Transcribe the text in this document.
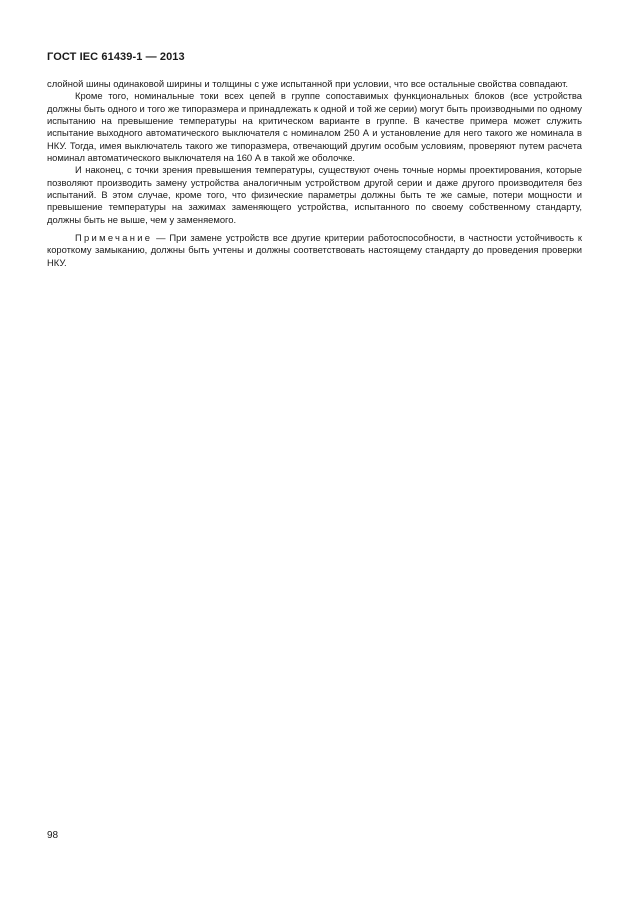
ГОСТ IEC 61439-1 — 2013

слойной шины одинаковой ширины и толщины с уже испытанной при условии, что все остальные свойства совпадают.

Кроме того, номинальные токи всех цепей в группе сопоставимых функциональных блоков (все устройства должны быть одного и того же типоразмера и принадлежать к одной и той же серии) могут быть производными по одному испытанию на превышение температуры на критическом варианте в группе. В качестве примера может служить испытание выходного автоматического выключателя с номиналом 250 А и установление для него такого же номинала в НКУ. Тогда, имея выключатель такого же типоразмера, отвечающий другим особым условиям, проверяют путем расчета номинал автоматического выключателя на 160 А в такой же оболочке.

И наконец, с точки зрения превышения температуры, существуют очень точные нормы проектирования, которые позволяют производить замену устройства аналогичным устройством другой серии и даже другого производителя без испытаний. В этом случае, кроме того, что физические параметры должны быть те же самые, потери мощности и превышение температуры на зажимах заменяющего устройства, испытанного по своему собственному стандарту, должны быть не выше, чем у заменяемого.

Примечание — При замене устройств все другие критерии работоспособности, в частности устойчивость к короткому замыканию, должны быть учтены и должны соответствовать настоящему стандарту до проведения проверки НКУ.

98
